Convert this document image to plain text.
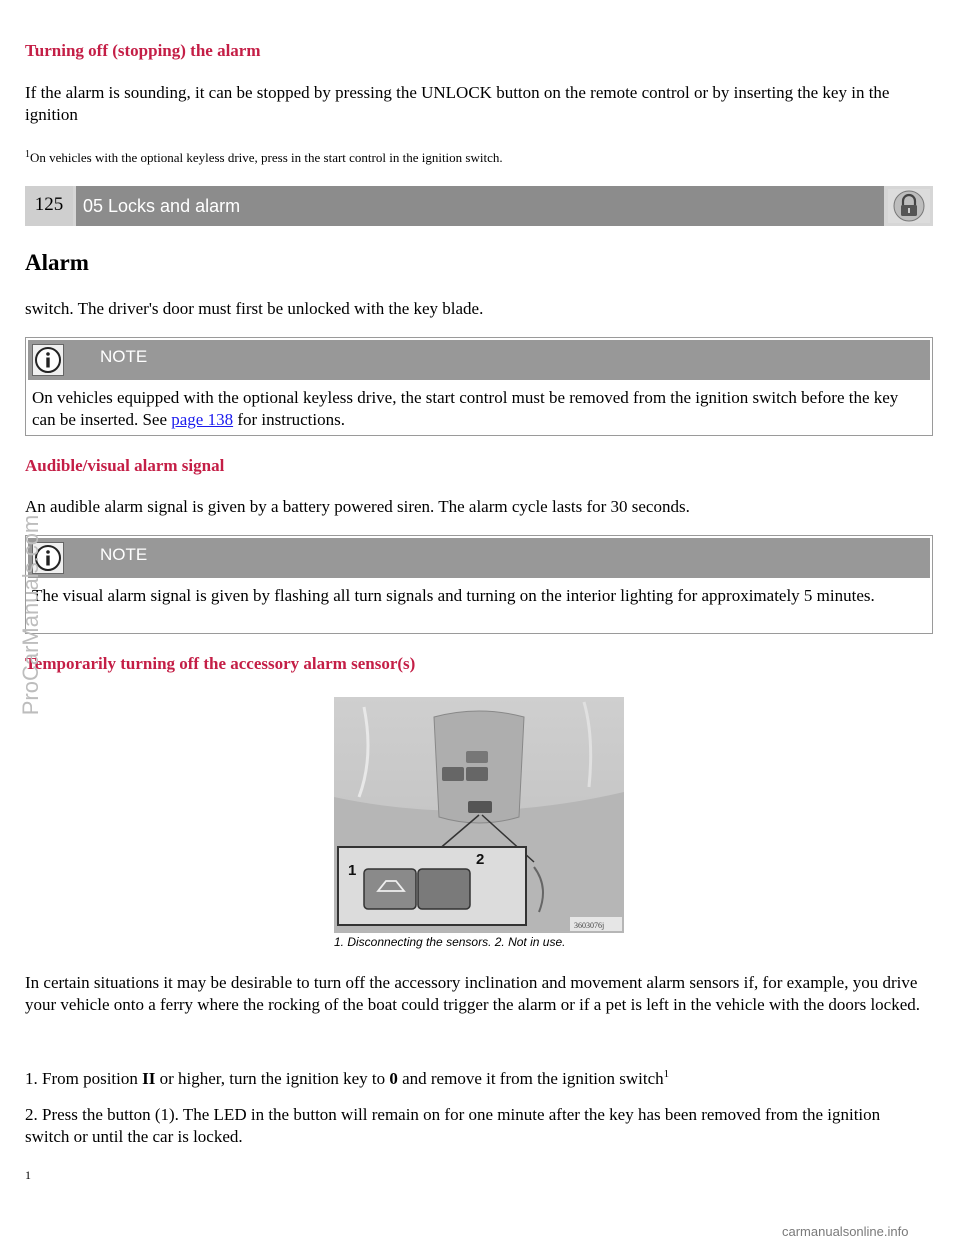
Turning off (stopping) the alarm

If the alarm is sounding, it can be stopped by pressing the UNLOCK button on the remote control or by inserting the key in the ignition

$^1$On vehicles with the optional keyless drive, press in the start control in the ignition switch.

125	05 Locks and alarm
Alarm

switch. The driver's door must first be unlocked with the key blade.

NOTE
On vehicles equipped with the optional keyless drive, the start control must be removed from the ignition switch before the key can be inserted. See page 138 for instructions.
Audible/visual alarm signal

An audible alarm signal is given by a battery powered siren. The alarm cycle lasts for 30 seconds.

NOTE
The visual alarm signal is given by flashing all turn signals and turning on the interior lighting for approximately 5 minutes.
Temporarily turning off the accessory alarm sensor(s)
1
2
3603076j
1. Disconnecting the sensors. 2. Not in use.

In certain situations it may be desirable to turn off the accessory inclination and movement alarm sensors if, for example, you drive your vehicle onto a ferry where the rocking of the boat could trigger the alarm or if a pet is left in the vehicle with the doors locked.

1. From position II or higher, turn the ignition key to 0 and remove it from the ignition switch$^1$

2. Press the button (1). The LED in the button will remain on for one minute after the key has been removed from the ignition switch or until the car is locked.

1
ProCarManuals.com
carmanualsonline.info
